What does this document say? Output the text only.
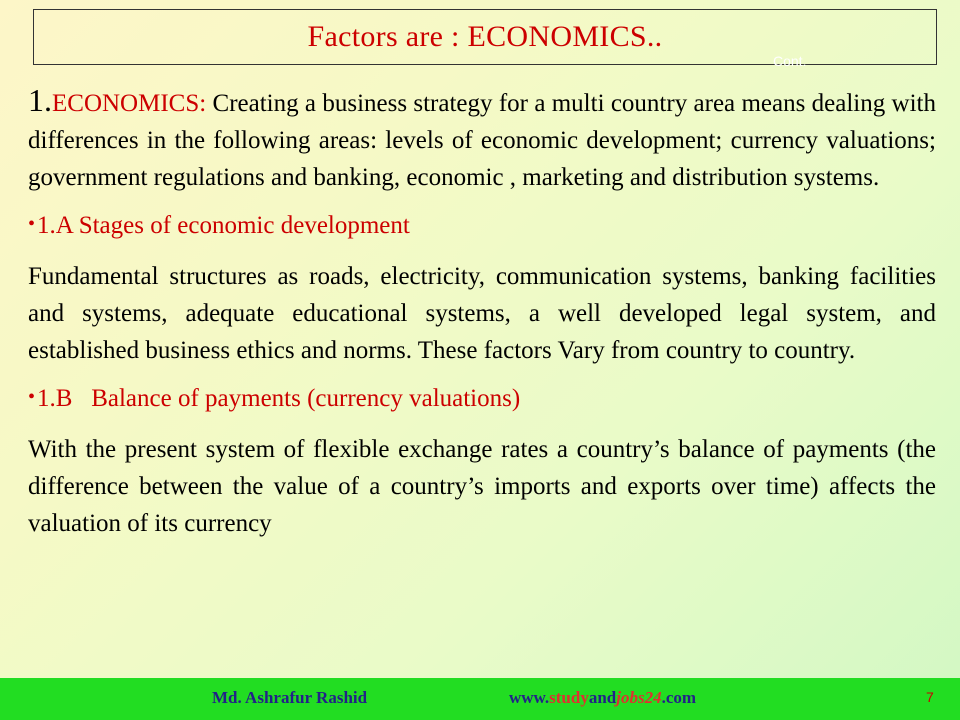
Factors are : ECONOMICS..
Cont.

1.ECONOMICS: Creating a business strategy for a multi country area means dealing with differences in the following areas: levels of economic development; currency valuations; government regulations and banking, economic , marketing and distribution systems.

•1.A Stages of economic development

Fundamental structures as roads, electricity, communication systems, banking facilities and systems, adequate educational systems, a well developed legal system, and established business ethics and norms. These factors Vary from country to country.

•1.B   Balance of payments (currency valuations)

With the present system of flexible exchange rates a country’s balance of payments (the difference between the value of a country’s imports and exports over time) affects the valuation of its currency

Md. Ashrafur Rashid	www.studyandjobs24.com	7
